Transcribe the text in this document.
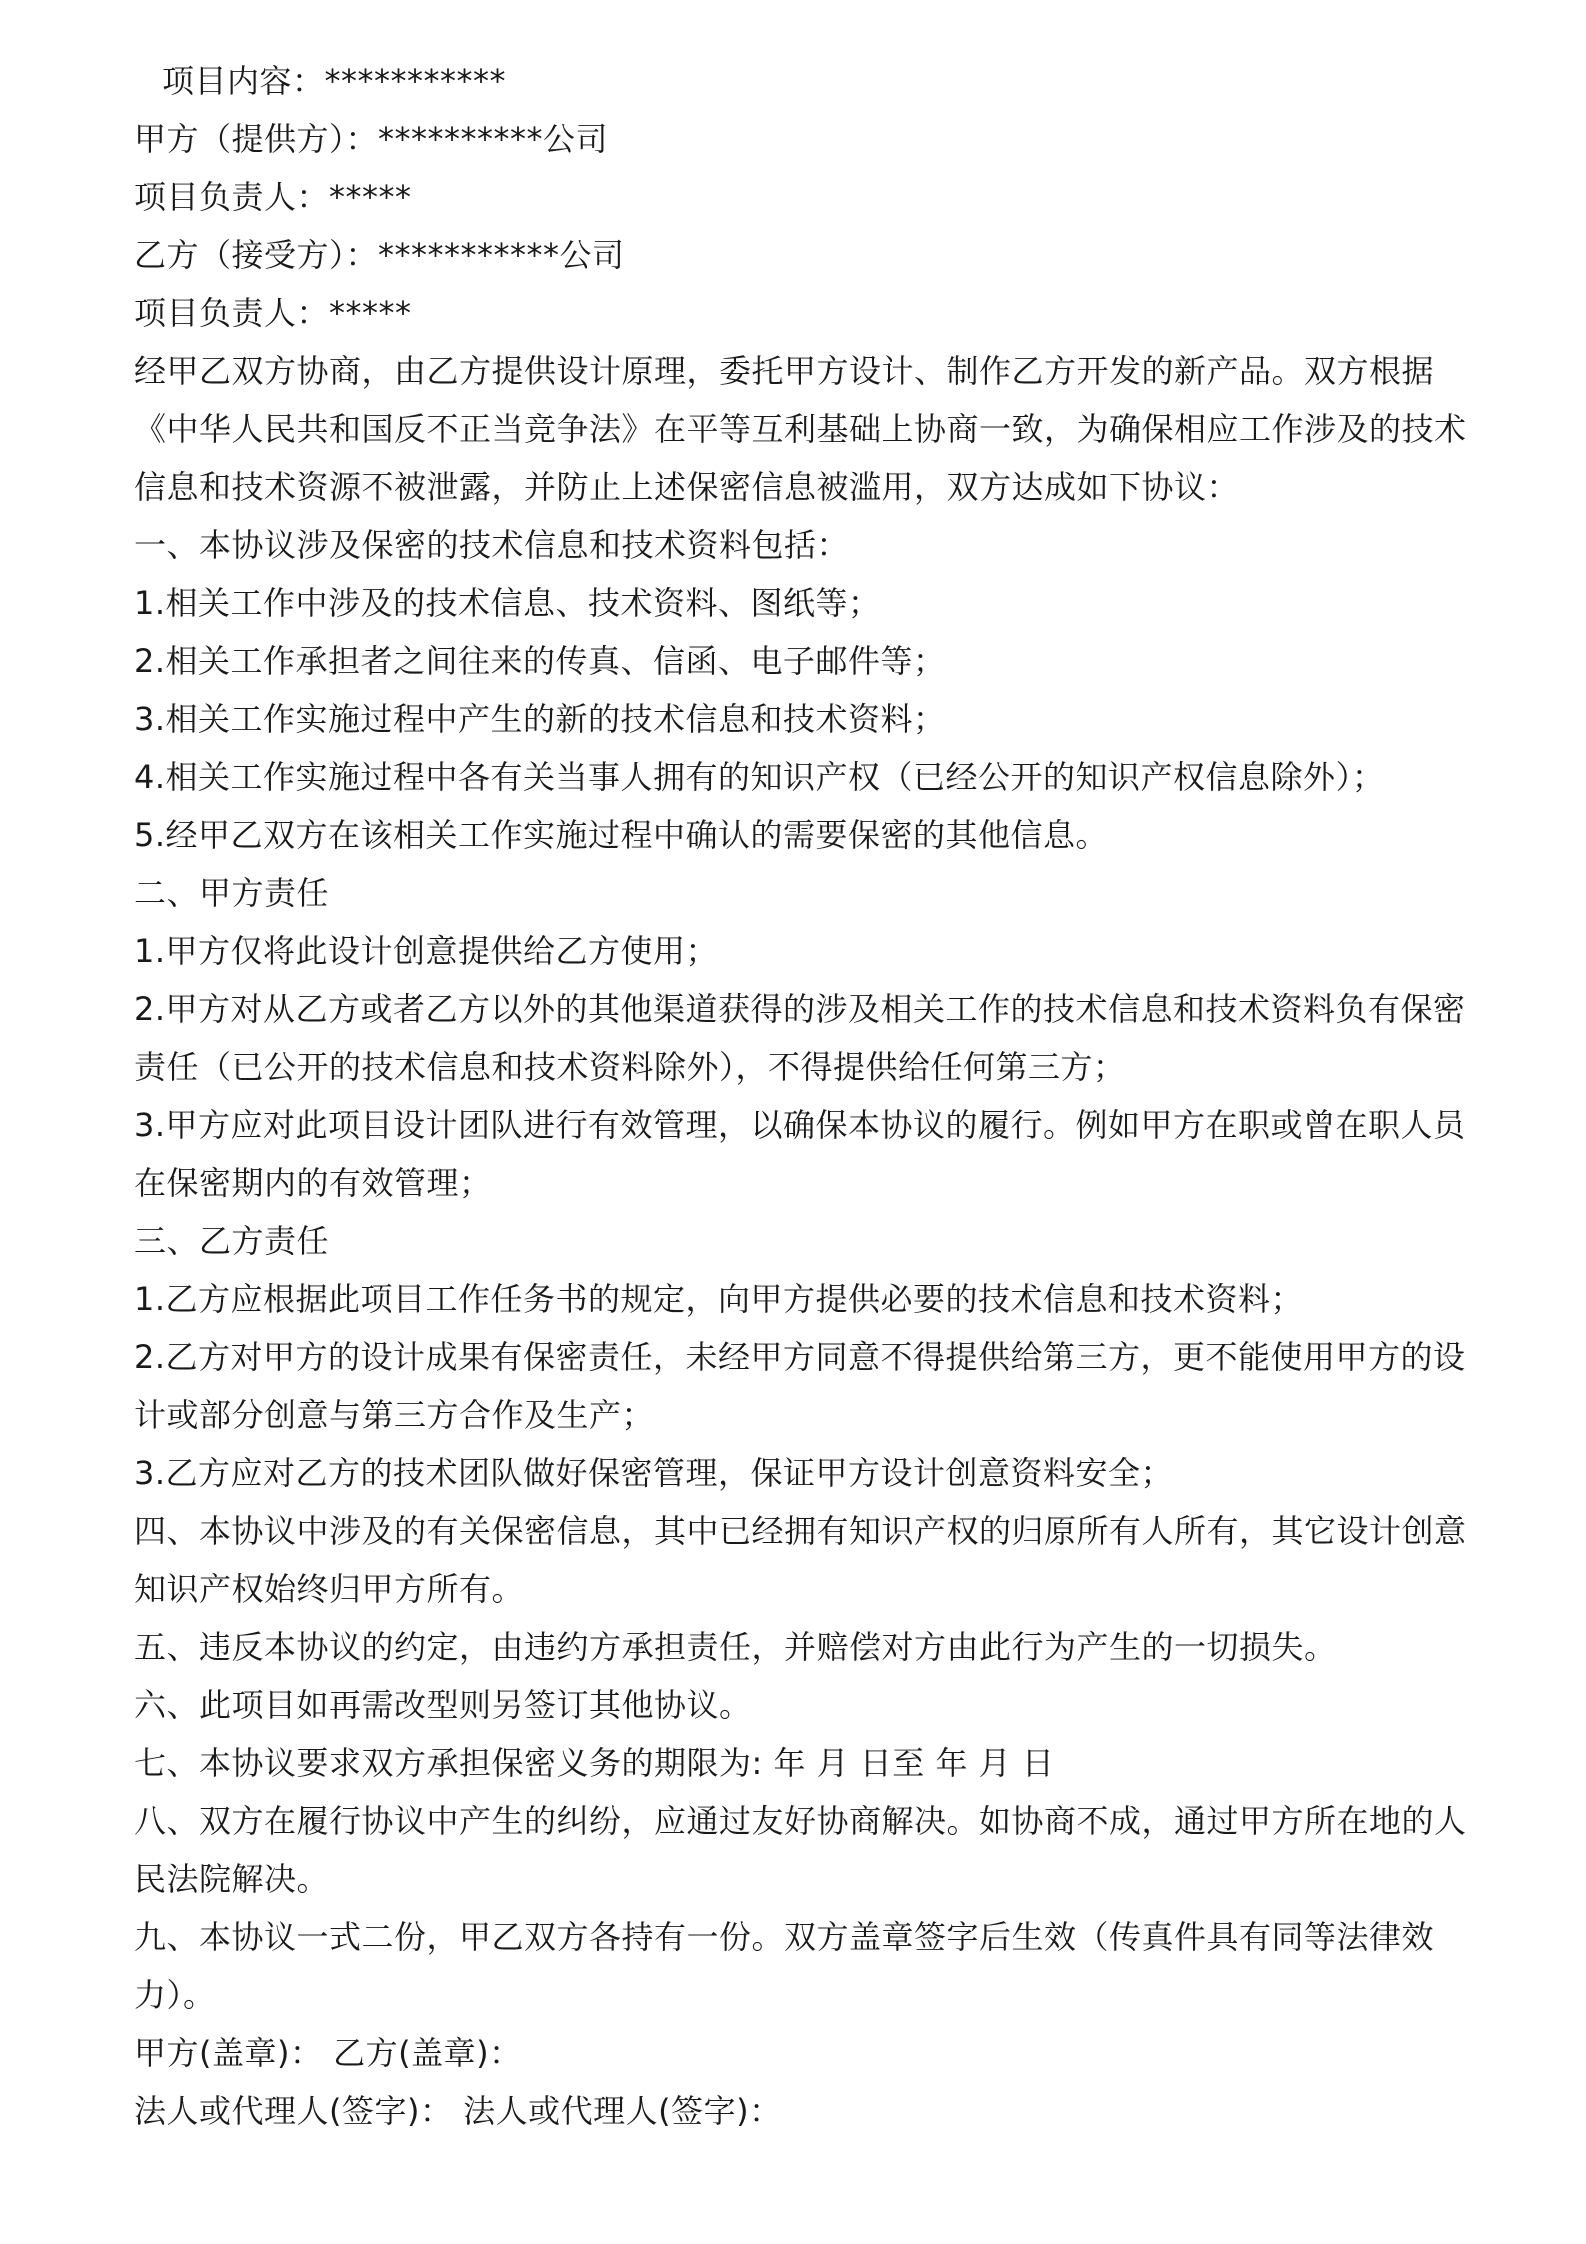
项目内容：***********
甲方（提供方）：**********公司
项目负责人：*****
乙方（接受方）：***********公司
项目负责人：*****
经甲乙双方协商，由乙方提供设计原理，委托甲方设计、制作乙方开发的新产品。双方根据
《中华人民共和国反不正当竞争法》在平等互利基础上协商一致，为确保相应工作涉及的技术
信息和技术资源不被泄露，并防止上述保密信息被滥用，双方达成如下协议：
一、本协议涉及保密的技术信息和技术资料包括：
1.相关工作中涉及的技术信息、技术资料、图纸等；
2.相关工作承担者之间往来的传真、信函、电子邮件等；
3.相关工作实施过程中产生的新的技术信息和技术资料；
4.相关工作实施过程中各有关当事人拥有的知识产权（已经公开的知识产权信息除外）；
5.经甲乙双方在该相关工作实施过程中确认的需要保密的其他信息。
二、甲方责任
1.甲方仅将此设计创意提供给乙方使用；
2.甲方对从乙方或者乙方以外的其他渠道获得的涉及相关工作的技术信息和技术资料负有保密
责任（已公开的技术信息和技术资料除外），不得提供给任何第三方；
3.甲方应对此项目设计团队进行有效管理，以确保本协议的履行。例如甲方在职或曾在职人员
在保密期内的有效管理；
三、乙方责任
1.乙方应根据此项目工作任务书的规定，向甲方提供必要的技术信息和技术资料；
2.乙方对甲方的设计成果有保密责任，未经甲方同意不得提供给第三方，更不能使用甲方的设
计或部分创意与第三方合作及生产；
3.乙方应对乙方的技术团队做好保密管理，保证甲方设计创意资料安全；
四、本协议中涉及的有关保密信息，其中已经拥有知识产权的归原所有人所有，其它设计创意
知识产权始终归甲方所有。
五、违反本协议的约定，由违约方承担责任，并赔偿对方由此行为产生的一切损失。
六、此项目如再需改型则另签订其他协议。
七、本协议要求双方承担保密义务的期限为: 年 月 日至 年 月 日
八、双方在履行协议中产生的纠纷，应通过友好协商解决。如协商不成，通过甲方所在地的人
民法院解决。
九、本协议一式二份，甲乙双方各持有一份。双方盖章签字后生效（传真件具有同等法律效
力）。
甲方(盖章)： 乙方(盖章)：
法人或代理人(签字)： 法人或代理人(签字)：
